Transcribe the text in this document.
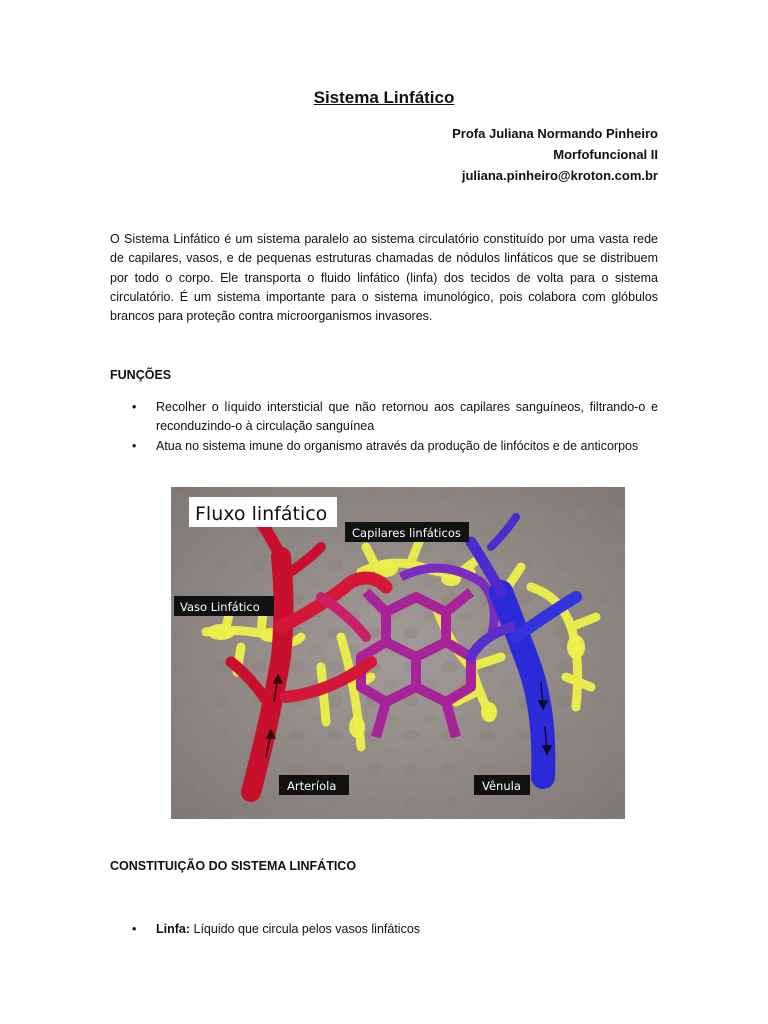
Sistema Linfático
Profa Juliana Normando Pinheiro
Morfofuncional II
juliana.pinheiro@kroton.com.br

O Sistema Linfático é um sistema paralelo ao sistema circulatório constituído por uma vasta rede de capilares, vasos, e de pequenas estruturas chamadas de nódulos linfáticos que se distribuem por todo o corpo. Ele transporta o fluido linfático (linfa) dos tecidos de volta para o sistema circulatório. É um sistema importante para o sistema imunológico, pois colabora com glóbulos brancos para proteção contra microorganismos invasores.

FUNÇÕES
• Recolher o líquido intersticial que não retornou aos capilares sanguíneos, filtrando-o e reconduzindo-o à circulação sanguínea
• Atua no sistema imune do organismo através da produção de linfócitos e de anticorpos
Fluxo linfático
Capilares linfáticos
Vaso Linfático
Arteríola	Vênula
CONSTITUIÇÃO DO SISTEMA LINFÁTICO
• Linfa: Líquido que circula pelos vasos linfáticos
